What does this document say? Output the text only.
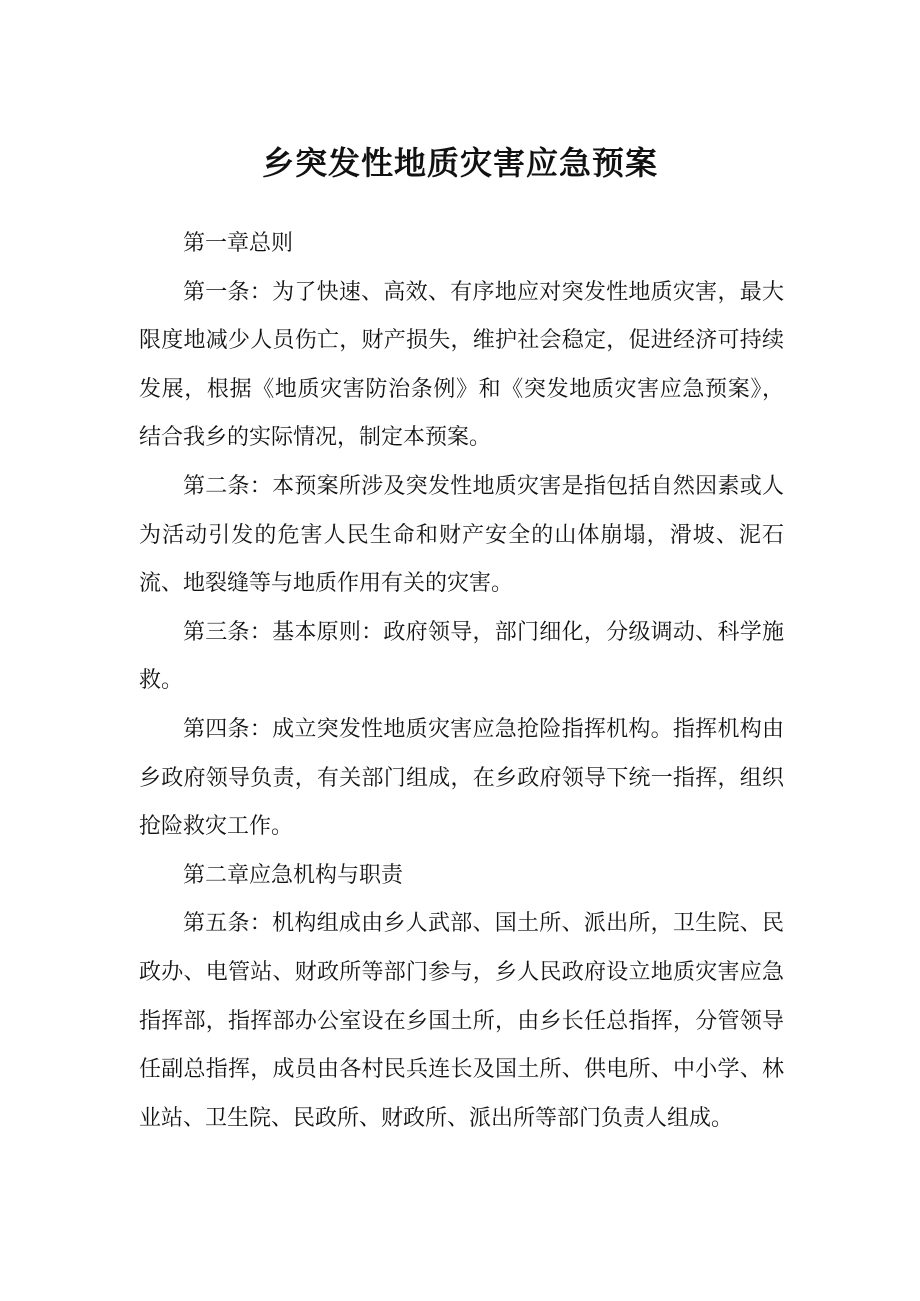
乡突发性地质灾害应急预案

第一章总则

第一条：为了快速、高效、有序地应对突发性地质灾害，最大限度地减少人员伤亡，财产损失，维护社会稳定，促进经济可持续发展，根据《地质灾害防治条例》和《突发地质灾害应急预案》，结合我乡的实际情况，制定本预案。

第二条：本预案所涉及突发性地质灾害是指包括自然因素或人为活动引发的危害人民生命和财产安全的山体崩塌，滑坡、泥石流、地裂缝等与地质作用有关的灾害。

第三条：基本原则：政府领导，部门细化，分级调动、科学施救。

第四条：成立突发性地质灾害应急抢险指挥机构。指挥机构由乡政府领导负责，有关部门组成，在乡政府领导下统一指挥，组织抢险救灾工作。

第二章应急机构与职责

第五条：机构组成由乡人武部、国土所、派出所，卫生院、民政办、电管站、财政所等部门参与，乡人民政府设立地质灾害应急指挥部，指挥部办公室设在乡国土所，由乡长任总指挥，分管领导任副总指挥，成员由各村民兵连长及国土所、供电所、中小学、林业站、卫生院、民政所、财政所、派出所等部门负责人组成。
